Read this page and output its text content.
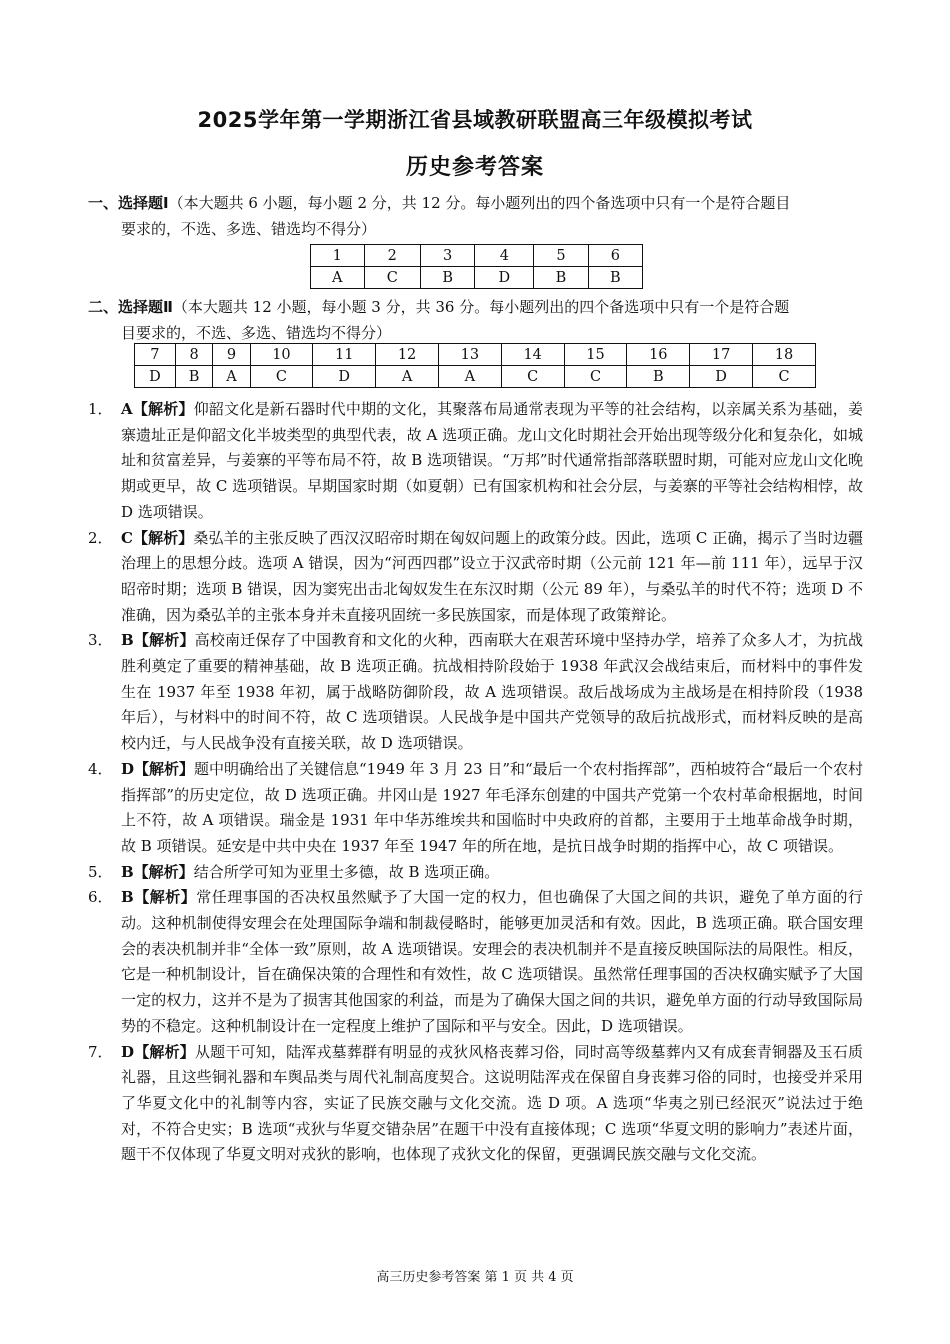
2025学年第一学期浙江省县域教研联盟高三年级模拟考试
历史参考答案
一、选择题Ⅰ（本大题共 6 小题，每小题 2 分，共 12 分。每小题列出的四个备选项中只有一个是符合题目
要求的，不选、多选、错选均不得分）
1	2	3	4	5	6
A	C	B	D	B	B
二、选择题Ⅱ（本大题共 12 小题，每小题 3 分，共 36 分。每小题列出的四个备选项中只有一个是符合题
目要求的，不选、多选、错选均不得分）
7	8	9	10	11	12	13	14	15	16	17	18
D	B	A	C	D	A	A	C	C	B	D	C
1． A【解析】仰韶文化是新石器时代中期的文化，其聚落布局通常表现为平等的社会结构，以亲属关系为基础，姜寨遗址正是仰韶文化半坡类型的典型代表，故 A 选项正确。龙山文化时期社会开始出现等级分化和复杂化，如城址和贫富差异，与姜寨的平等布局不符，故 B 选项错误。“万邦”时代通常指部落联盟时期，可能对应龙山文化晚期或更早，故 C 选项错误。早期国家时期（如夏朝）已有国家机构和社会分层，与姜寨的平等社会结构相悖，故 D 选项错误。
2． C【解析】桑弘羊的主张反映了西汉汉昭帝时期在匈奴问题上的政策分歧。因此，选项 C 正确，揭示了当时边疆治理上的思想分歧。选项 A 错误，因为“河西四郡”设立于汉武帝时期（公元前 121 年—前 111 年），远早于汉昭帝时期；选项 B 错误，因为窦宪出击北匈奴发生在东汉时期（公元 89 年），与桑弘羊的时代不符；选项 D 不准确，因为桑弘羊的主张本身并未直接巩固统一多民族国家，而是体现了政策辩论。
3． B【解析】高校南迁保存了中国教育和文化的火种，西南联大在艰苦环境中坚持办学，培养了众多人才，为抗战胜利奠定了重要的精神基础，故 B 选项正确。抗战相持阶段始于 1938 年武汉会战结束后，而材料中的事件发生在 1937 年至 1938 年初，属于战略防御阶段，故 A 选项错误。敌后战场成为主战场是在相持阶段（1938 年后），与材料中的时间不符，故 C 选项错误。人民战争是中国共产党领导的敌后抗战形式，而材料反映的是高校内迁，与人民战争没有直接关联，故 D 选项错误。
4． D【解析】题中明确给出了关键信息“1949 年 3 月 23 日”和“最后一个农村指挥部”，西柏坡符合“最后一个农村指挥部”的历史定位，故 D 选项正确。井冈山是 1927 年毛泽东创建的中国共产党第一个农村革命根据地，时间上不符，故 A 项错误。瑞金是 1931 年中华苏维埃共和国临时中央政府的首都，主要用于土地革命战争时期，故 B 项错误。延安是中共中央在 1937 年至 1947 年的所在地，是抗日战争时期的指挥中心，故 C 项错误。
5． B【解析】结合所学可知为亚里士多德，故 B 选项正确。
6． B【解析】常任理事国的否决权虽然赋予了大国一定的权力，但也确保了大国之间的共识，避免了单方面的行动。这种机制使得安理会在处理国际争端和制裁侵略时，能够更加灵活和有效。因此，B 选项正确。联合国安理会的表决机制并非“全体一致”原则，故 A 选项错误。安理会的表决机制并不是直接反映国际法的局限性。相反，它是一种机制设计，旨在确保决策的合理性和有效性，故 C 选项错误。虽然常任理事国的否决权确实赋予了大国一定的权力，这并不是为了损害其他国家的利益，而是为了确保大国之间的共识，避免单方面的行动导致国际局势的不稳定。这种机制设计在一定程度上维护了国际和平与安全。因此，D 选项错误。
7． D【解析】从题干可知，陆浑戎墓葬群有明显的戎狄风格丧葬习俗，同时高等级墓葬内又有成套青铜器及玉石质礼器，且这些铜礼器和车舆品类与周代礼制高度契合。这说明陆浑戎在保留自身丧葬习俗的同时，也接受并采用了华夏文化中的礼制等内容，实证了民族交融与文化交流。选 D 项。A 选项“华夷之别已经泯灭”说法过于绝对，不符合史实；B 选项“戎狄与华夏交错杂居”在题干中没有直接体现；C 选项“华夏文明的影响力”表述片面，题干不仅体现了华夏文明对戎狄的影响，也体现了戎狄文化的保留，更强调民族交融与文化交流。
高三历史参考答案 第 1 页 共 4 页
